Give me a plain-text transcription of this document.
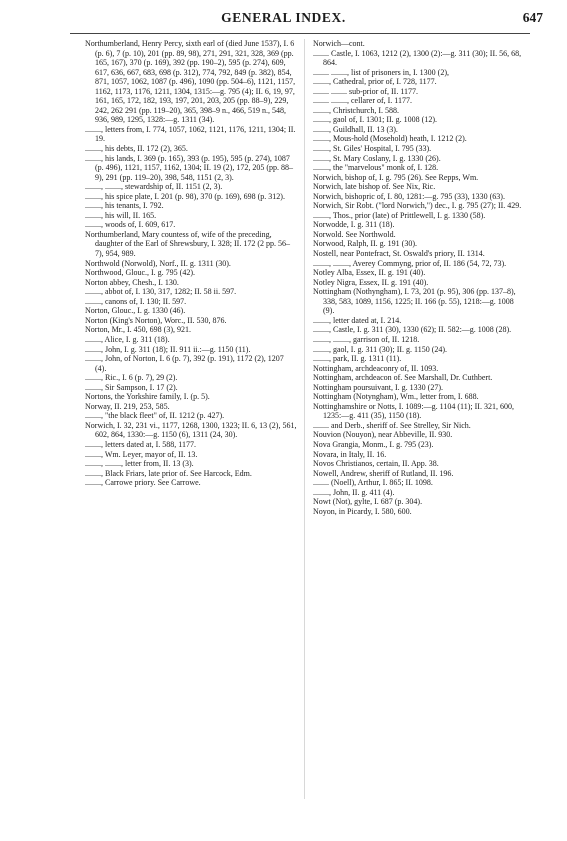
GENERAL INDEX.	647

Northumberland, Henry Percy, sixth earl of (died June 1537), I. 6 (p. 6), 7 (p. 10), 201 (pp. 89, 98), 271, 291, 321, 328, 369 (pp. 165, 167), 370 (p. 169), 392 (pp. 190–2), 595 (p. 274), 609, 617, 636, 667, 683, 698 (p. 312), 774, 792, 849 (p. 382), 854, 871, 1057, 1062, 1087 (p. 496), 1090 (pp. 504–6), 1121, 1157, 1162, 1173, 1176, 1211, 1304, 1315:—g. 795 (4); II. 6, 19, 97, 161, 165, 172, 182, 193, 197, 201, 203, 205 (pp. 88–9), 229, 242, 262 291 (pp. 119–20), 365, 398–9 n., 466, 519 n., 548, 936, 989, 1295, 1328:—g. 1311 (34).

........, letters from, I. 774, 1057, 1062, 1121, 1176, 1211, 1304; II. 19.

........, his debts, II. 172 (2), 365.

........, his lands, I. 369 (p. 165), 393 (p. 195), 595 (p. 274), 1087 (p. 496), 1121, 1157, 1162, 1304; II. 19 (2), 172, 205 (pp. 88–9), 291 (pp. 119–20), 398, 548, 1151 (2, 3).

........, ........, stewardship of, II. 1151 (2, 3).

........, his spice plate, I. 201 (p. 98), 370 (p. 169), 698 (p. 312).

........, his tenants, I. 792.

........, his will, II. 165.

........, woods of, I. 609, 617.

Northumberland, Mary countess of, wife of the preceding, daughter of the Earl of Shrewsbury, I. 328; II. 172 (2 pp. 56–7), 954, 989.

Northwold (Norwold), Norf., II. g. 1311 (30).

Northwood, Glouc., I. g. 795 (42).

Norton abbey, Chesh., I. 130.

........, abbot of, I. 130, 317, 1282; II. 58 ii. 597.

........, canons of, I. 130; II. 597.

Norton, Glouc., I. g. 1330 (46).

Norton (King's Norton), Worc., II. 530, 876.

Norton, Mr., I. 450, 698 (3), 921.

........, Alice, I. g. 311 (18).

........, John, I. g. 311 (18); II. 911 ii.:—g. 1150 (11).

........, John, of Norton, I. 6 (p. 7), 392 (p. 191), 1172 (2), 1207 (4).

........, Ric., I. 6 (p. 7), 29 (2).

........, Sir Sampson, I. 17 (2).

Nortons, the Yorkshire family, I. (p. 5).

Norway, II. 219, 253, 585.

........, "the black fleet" of, II. 1212 (p. 427).

Norwich, I. 32, 231 vi., 1177, 1268, 1300, 1323; II. 6, 13 (2), 561, 602, 864, 1330:—g. 1150 (6), 1311 (24, 30).

........, letters dated at, I. 588, 1177.

........, Wm. Leyer, mayor of, II. 13.

........, ........, letter from, II. 13 (3).

........, Black Friars, late prior of. See Harcock, Edm.

........, Carrowe priory. See Carrowe.

Norwich—cont.

........ Castle, I. 1063, 1212 (2), 1300 (2):—g. 311 (30); II. 56, 68, 864.

........ ........, list of prisoners in, I. 1300 (2),

........, Cathedral, prior of, I. 728, 1177.

........ ........ sub-prior of, II. 1177.

........ ........, cellarer of, I. 1177.

........, Christchurch, I. 588.

........, gaol of, I. 1301; II. g. 1008 (12).

........, Guildhall, II. 13 (3).

........, Mous-hold (Mosehold) heath, I. 1212 (2).

........, St. Giles' Hospital, I. 795 (33).

........, St. Mary Coslany, I. g. 1330 (26).

........, the "marvelous" monk of, I. 128.

Norwich, bishop of, I. g. 795 (26). See Repps, Wm.

Norwich, late bishop of. See Nix, Ric.

Norwich, bishopric of, I. 80, 1281:—g. 795 (33), 1330 (63).

Norwich, Sir Robt. ("lord Norwich,") dec., I. g. 795 (27); II. 429.

........, Thos., prior (late) of Prittlewell, I. g. 1330 (58).

Norwodde, I. g. 311 (18).

Norwold. See Northwold.

Norwood, Ralph, II. g. 191 (30).

Nostell, near Pontefract, St. Oswald's priory, II. 1314.

........, ........, Averey Commyng, prior of, II. 186 (54, 72, 73).

Notley Alba, Essex, II. g. 191 (40).

Notley Nigra, Essex, II. g. 191 (40).

Nottingham (Nothyngham), I. 73, 201 (p. 95), 306 (pp. 137–8), 338, 583, 1089, 1156, 1225; II. 166 (p. 55), 1218:—g. 1008 (9).

........, letter dated at, I. 214.

........, Castle, I. g. 311 (30), 1330 (62); II. 582:—g. 1008 (28).

........, ........, garrison of, II. 1218.

........, gaol, I. g. 311 (30); II. g. 1150 (24).

........, park, II. g. 1311 (11).

Nottingham, archdeaconry of, II. 1093.

Nottingham, archdeacon of. See Marshall, Dr. Cuthbert.

Nottingham poursuivant, I. g. 1330 (27).

Nottingham (Notyngham), Wm., letter from, I. 688.

Nottinghamshire or Notts, I. 1089:—g. 1104 (11); II. 321, 600, 1235:—g. 411 (35), 1150 (18).

........ and Derb., sheriff of. See Strelley, Sir Nich.

Nouvion (Nouyon), near Abbeville, II. 930.

Nova Grangia, Monm., I. g. 795 (23).

Novara, in Italy, II. 16.

Novos Christianos, certain, II. App. 38.

Nowell, Andrew, sheriff of Rutland, II. 196.

........ (Noell), Arthur, I. 865; II. 1098.

........, John, II. g. 411 (4).

Nowt (Not), gylte, I. 687 (p. 304).

Noyon, in Picardy, I. 580, 600.
